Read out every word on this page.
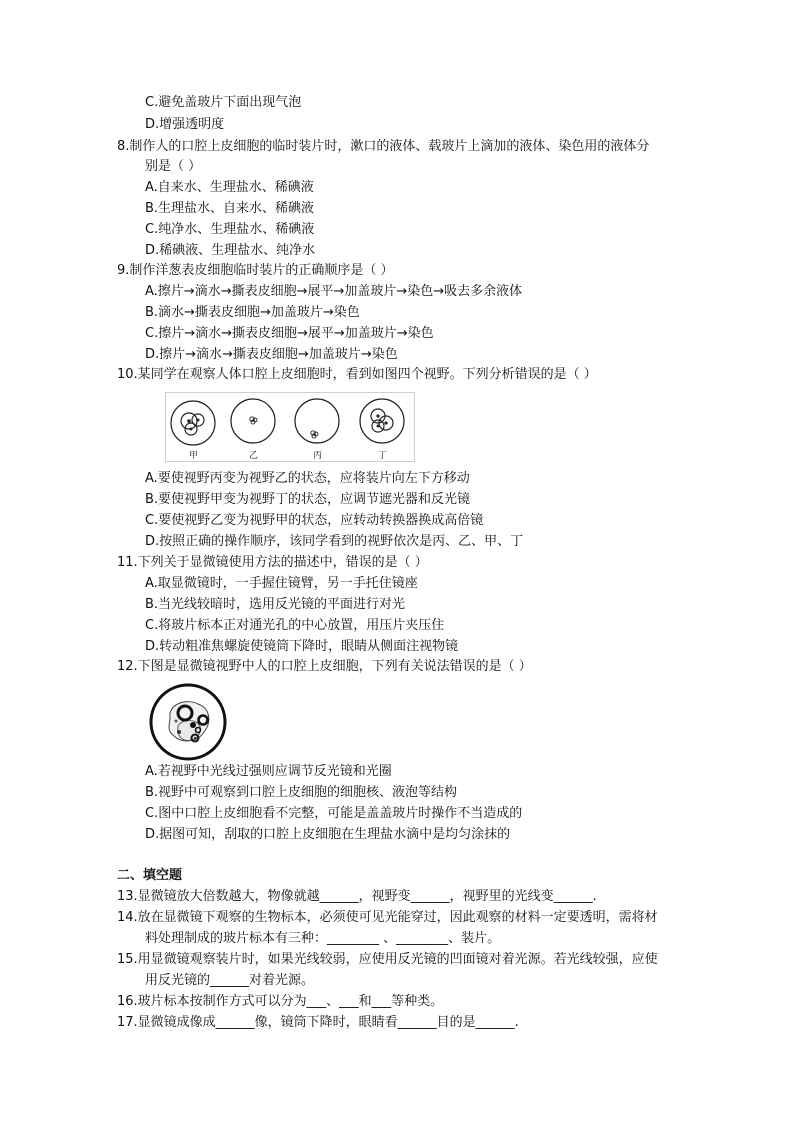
C.避免盖玻片下面出现气泡
D.增强透明度
8.制作人的口腔上皮细胞的临时装片时，漱口的液体、载玻片上滴加的液体、染色用的液体分
别是（ ）
A.自来水、生理盐水、稀碘液
B.生理盐水、自来水、稀碘液
C.纯净水、生理盐水、稀碘液
D.稀碘液、生理盐水、纯净水
9.制作洋葱表皮细胞临时装片的正确顺序是（ ）
A.擦片→滴水→撕表皮细胞→展平→加盖玻片→染色→吸去多余液体
B.滴水→撕表皮细胞→加盖玻片→染色
C.擦片→滴水→撕表皮细胞→展平→加盖玻片→染色
D.擦片→滴水→撕表皮细胞→加盖玻片→染色
10.某同学在观察人体口腔上皮细胞时，看到如图四个视野。下列分析错误的是（ ）
甲	乙	丙	丁
A.要使视野丙变为视野乙的状态，应将装片向左下方移动
B.要使视野甲变为视野丁的状态，应调节遮光器和反光镜
C.要使视野乙变为视野甲的状态，应转动转换器换成高倍镜
D.按照正确的操作顺序，该同学看到的视野依次是丙、乙、甲、丁
11.下列关于显微镜使用方法的描述中，错误的是（ ）
A.取显微镜时，一手握住镜臂，另一手托住镜座
B.当光线较暗时，选用反光镜的平面进行对光
C.将玻片标本正对通光孔的中心放置，用压片夹压住
D.转动粗准焦螺旋使镜筒下降时，眼睛从侧面注视物镜
12.下图是显微镜视野中人的口腔上皮细胞，下列有关说法错误的是（ ）
A.若视野中光线过强则应调节反光镜和光圈
B.视野中可观察到口腔上皮细胞的细胞核、液泡等结构
C.图中口腔上皮细胞看不完整，可能是盖盖玻片时操作不当造成的
D.据图可知，刮取的口腔上皮细胞在生理盐水滴中是均匀涂抹的
二、填空题
13.显微镜放大倍数越大，物像就越______，视野变______，视野里的光线变______.
14.放在显微镜下观察的生物标本，必须使可见光能穿过，因此观察的材料一定要透明，需将材
料处理制成的玻片标本有三种：________ 、________、装片。
15.用显微镜观察装片时，如果光线较弱，应使用反光镜的凹面镜对着光源。若光线较强，应使
用反光镜的______对着光源。
16.玻片标本按制作方式可以分为___、___和___等种类。
17.显微镜成像成______像，镜筒下降时，眼睛看______目的是______.
